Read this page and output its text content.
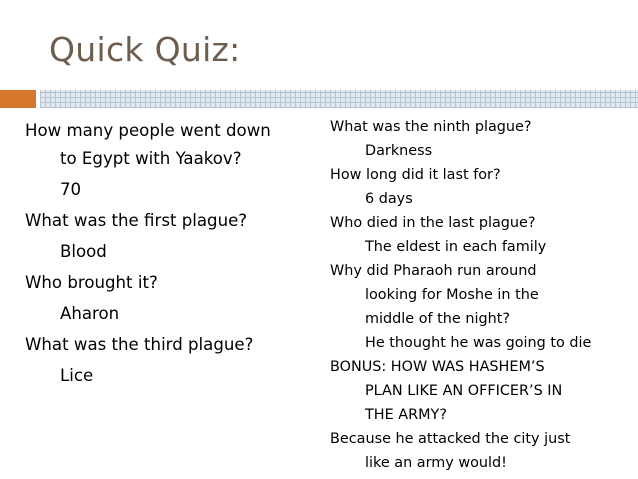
Quick Quiz:
How many people went down
to Egypt with Yaakov?
70
What was the first plague?
Blood
Who brought it?
Aharon
What was the third plague?
Lice
What was the ninth plague?
Darkness
How long did it last for?
6 days
Who died in the last plague?
The eldest in each family
Why did Pharaoh run around
looking for Moshe in the
middle of the night?
He thought he was going to die
BONUS: HOW WAS HASHEM’S
PLAN LIKE AN OFFICER’S IN
THE ARMY?
Because he attacked the city just
like an army would!
